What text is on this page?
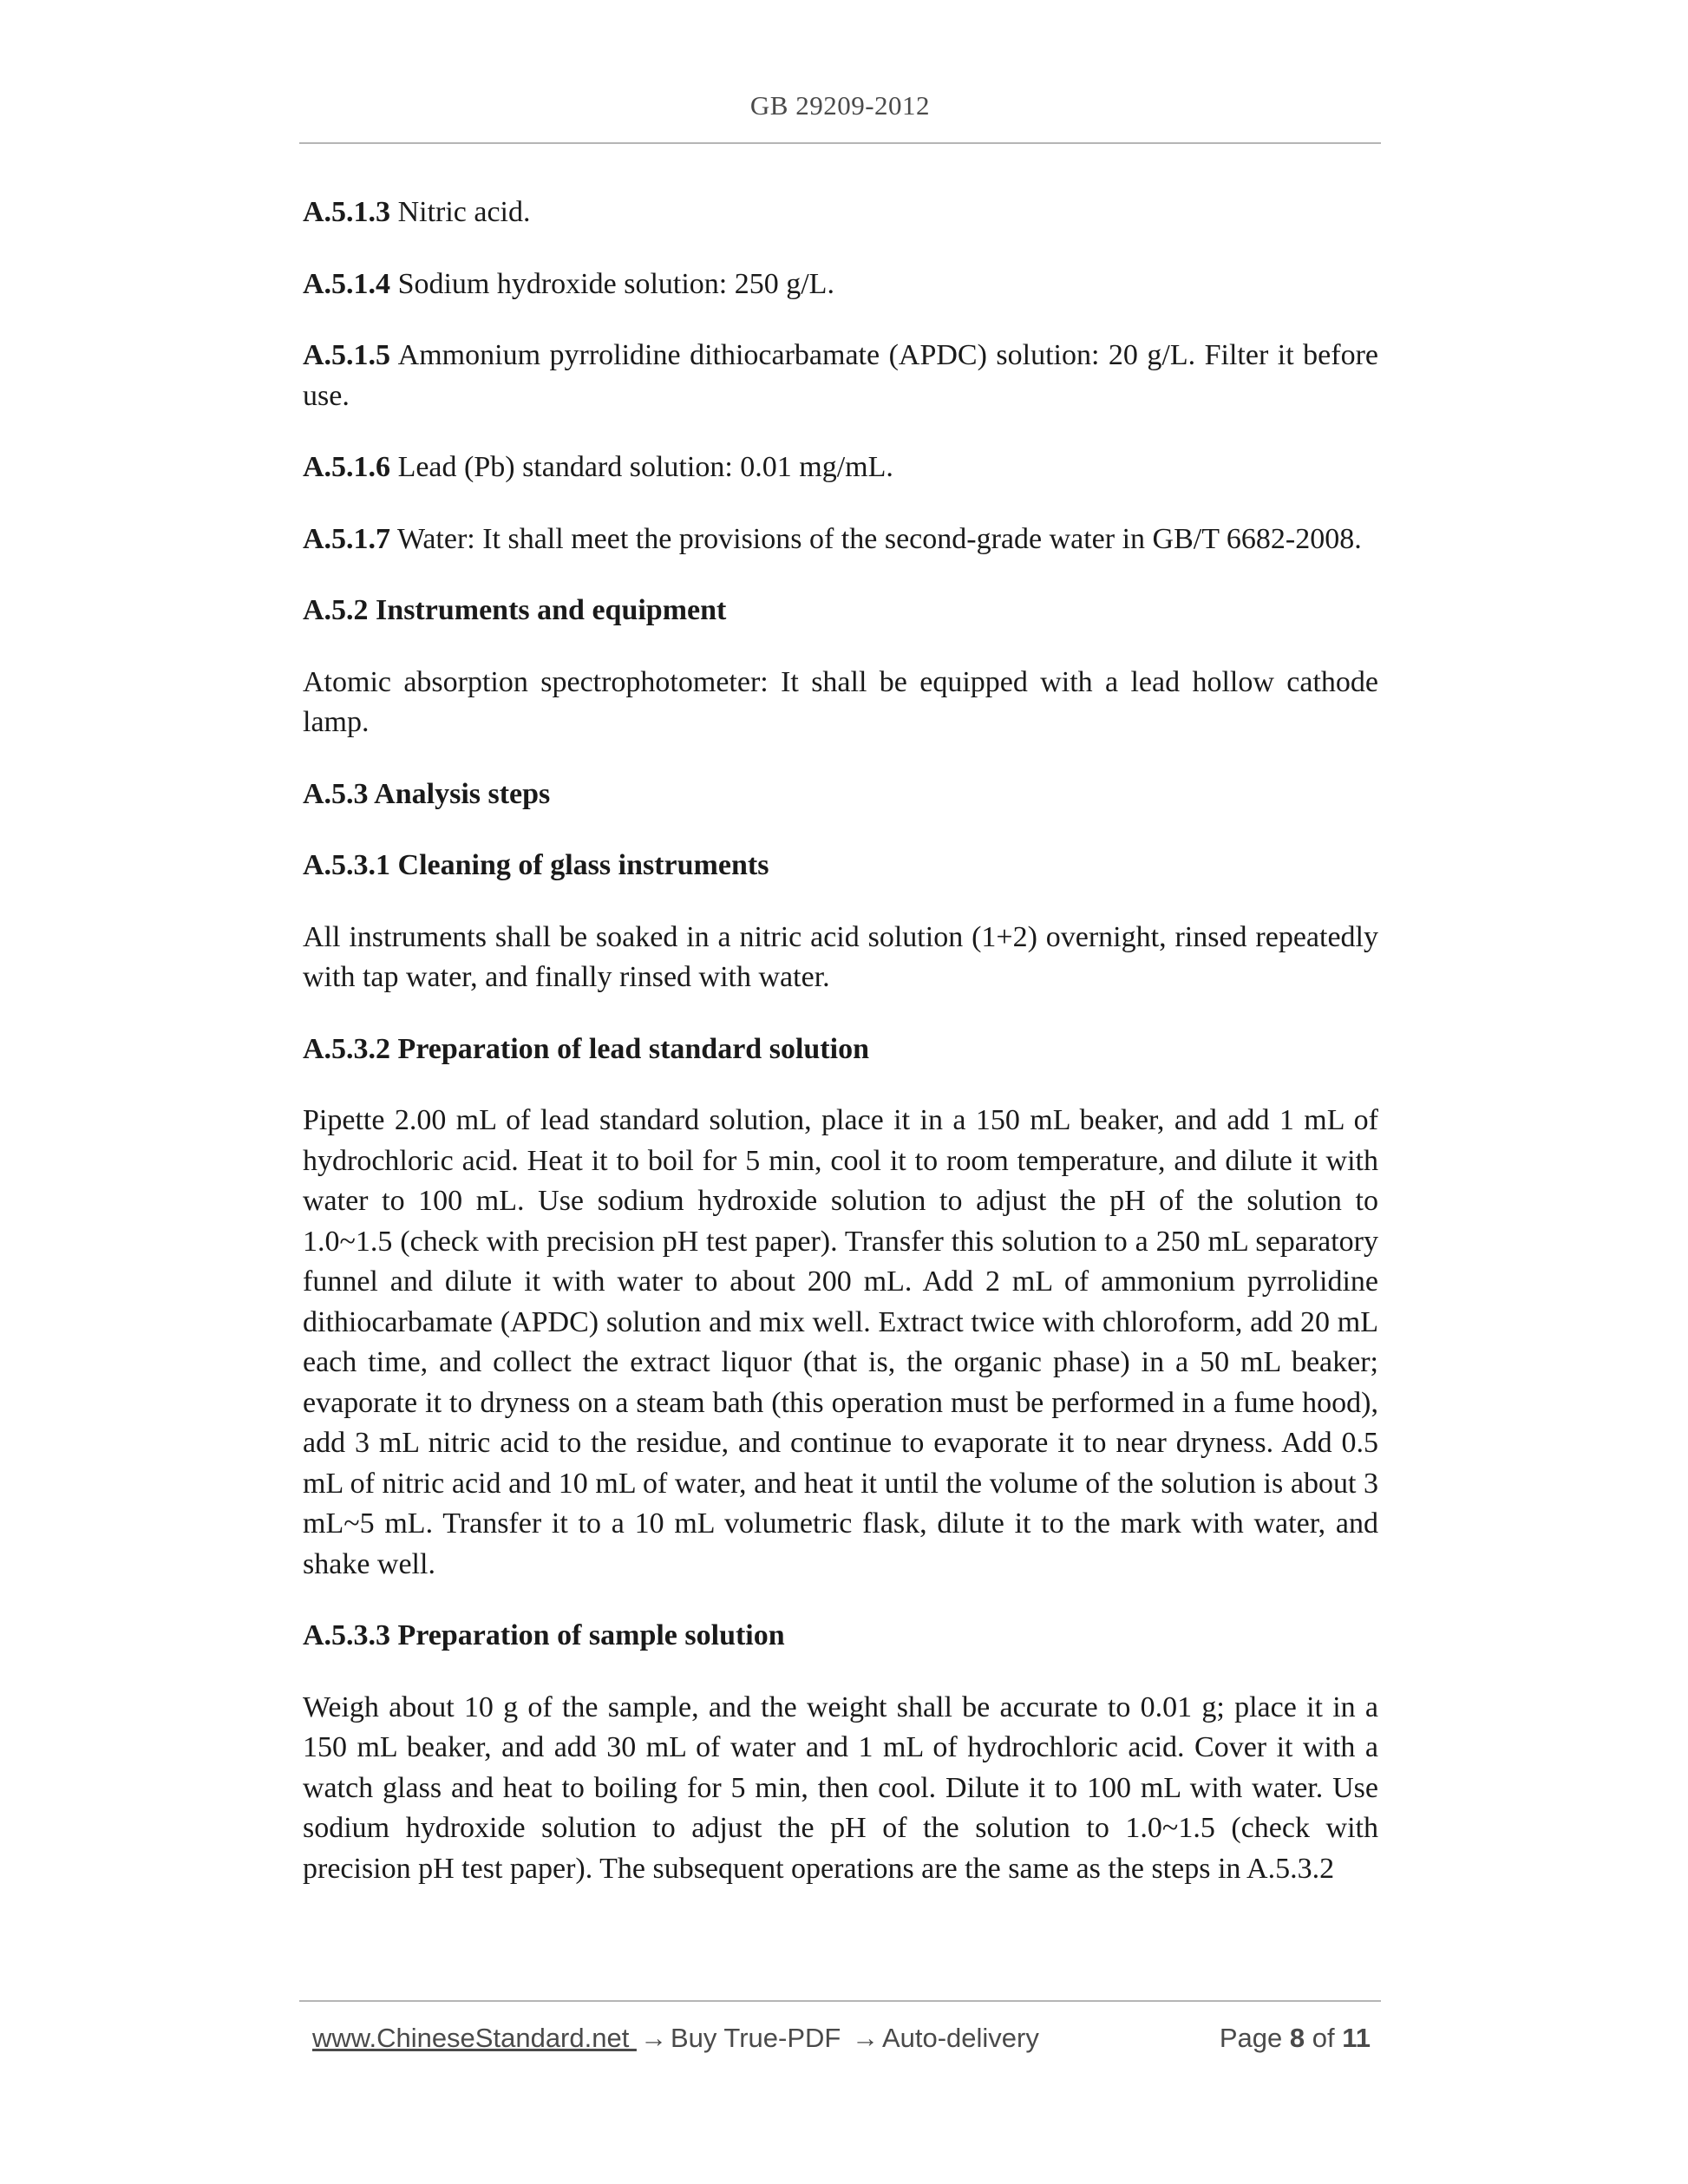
GB 29209-2012

A.5.1.3 Nitric acid.

A.5.1.4 Sodium hydroxide solution: 250 g/L.

A.5.1.5 Ammonium pyrrolidine dithiocarbamate (APDC) solution: 20 g/L. Filter it before use.

A.5.1.6 Lead (Pb) standard solution: 0.01 mg/mL.

A.5.1.7 Water: It shall meet the provisions of the second-grade water in GB/T 6682-2008.

A.5.2 Instruments and equipment

Atomic absorption spectrophotometer: It shall be equipped with a lead hollow cathode lamp.

A.5.3 Analysis steps

A.5.3.1 Cleaning of glass instruments

All instruments shall be soaked in a nitric acid solution (1+2) overnight, rinsed repeatedly with tap water, and finally rinsed with water.

A.5.3.2 Preparation of lead standard solution

Pipette 2.00 mL of lead standard solution, place it in a 150 mL beaker, and add 1 mL of hydrochloric acid. Heat it to boil for 5 min, cool it to room temperature, and dilute it with water to 100 mL. Use sodium hydroxide solution to adjust the pH of the solution to 1.0~1.5 (check with precision pH test paper). Transfer this solution to a 250 mL separatory funnel and dilute it with water to about 200 mL. Add 2 mL of ammonium pyrrolidine dithiocarbamate (APDC) solution and mix well. Extract twice with chloroform, add 20 mL each time, and collect the extract liquor (that is, the organic phase) in a 50 mL beaker; evaporate it to dryness on a steam bath (this operation must be performed in a fume hood), add 3 mL nitric acid to the residue, and continue to evaporate it to near dryness. Add 0.5 mL of nitric acid and 10 mL of water, and heat it until the volume of the solution is about 3 mL~5 mL. Transfer it to a 10 mL volumetric flask, dilute it to the mark with water, and shake well.

A.5.3.3 Preparation of sample solution

Weigh about 10 g of the sample, and the weight shall be accurate to 0.01 g; place it in a 150 mL beaker, and add 30 mL of water and 1 mL of hydrochloric acid. Cover it with a watch glass and heat to boiling for 5 min, then cool. Dilute it to 100 mL with water. Use sodium hydroxide solution to adjust the pH of the solution to 1.0~1.5 (check with precision pH test paper). The subsequent operations are the same as the steps in A.5.3.2

www.ChineseStandard.net → Buy True-PDF → Auto-delivery	Page 8 of 11
